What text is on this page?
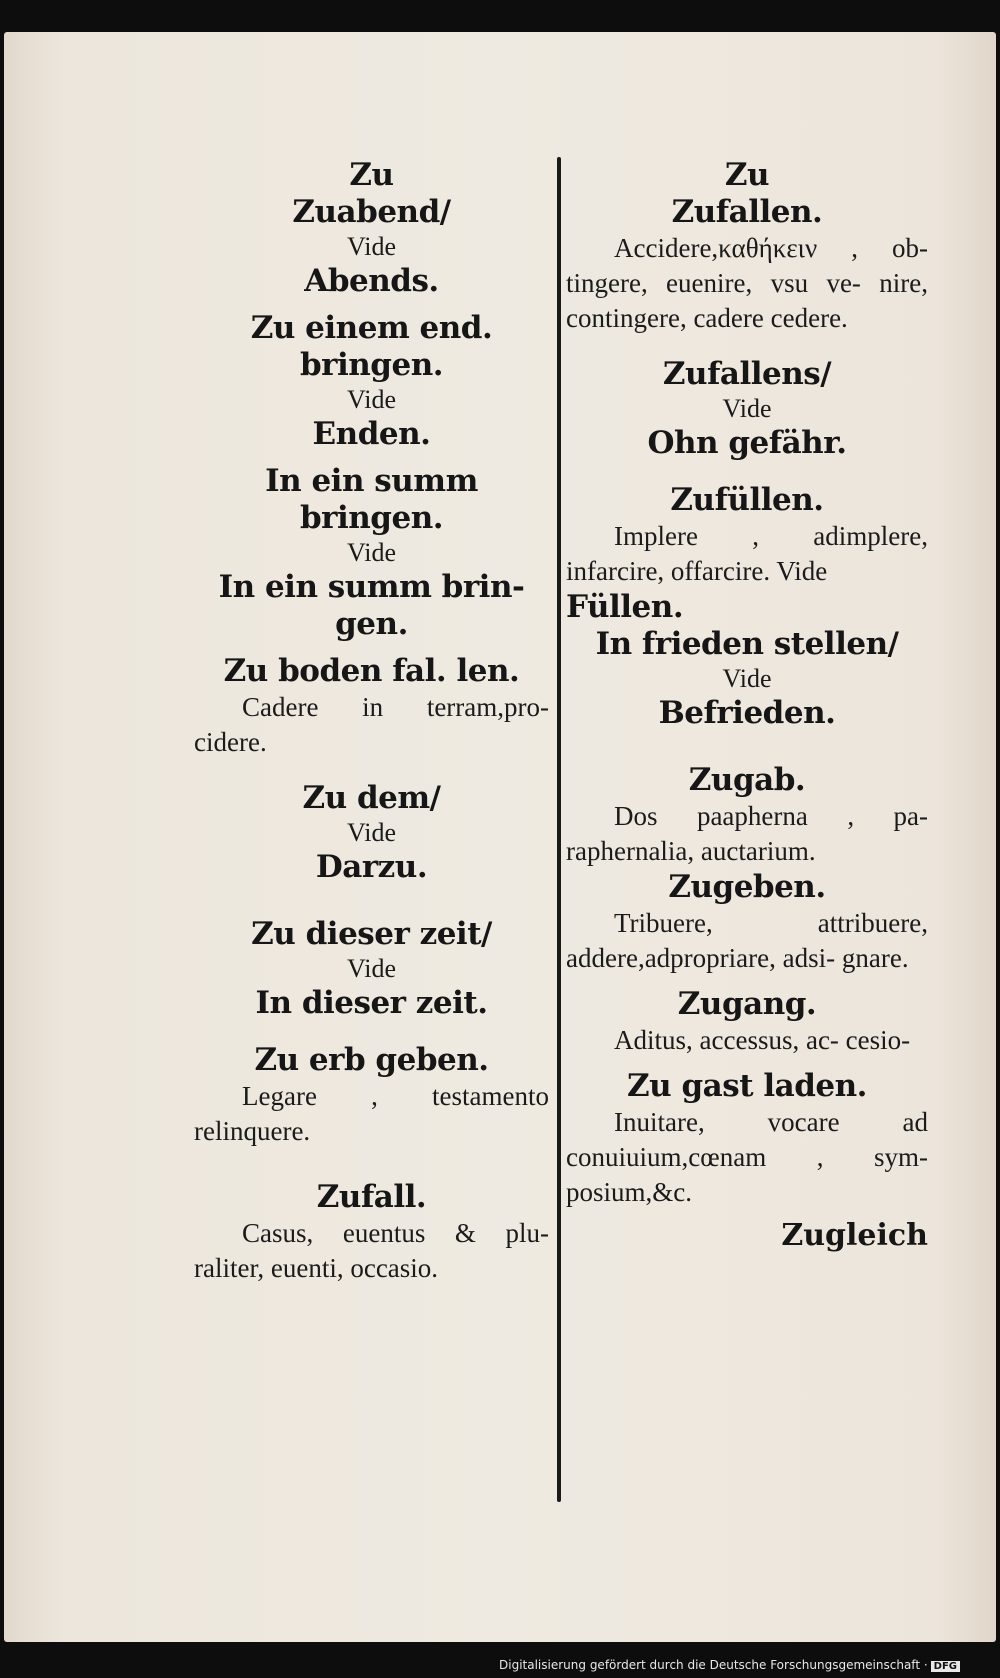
Zu
Zuabend/
Vide
Abends.
Zu einem end. bringen.
Vide
Enden.
In ein summ bringen.
Vide
In ein summ brin- gen.
Zu boden fal. len.
Cadere in terram,pro- cidere.
Zu dem/
Vide
Darzu.
Zu dieser zeit/
Vide
In dieser zeit.
Zu erb geben.
Legare , testamento relinquere.
Zufall.
Casus, euentus & plu- raliter, euenti, occasio.
Zu
Zufallen.
Accidere,καθήκειν , ob- tingere, euenire, vsu ve- nire, contingere, cadere cedere.
Zufallens/
Vide
Ohn gefähr.
Zufüllen.
Implere , adimplere, infarcire, offarcire. Vide
Füllen.
In frieden stellen/
Vide
Befrieden.
Zugab.
Dos paapherna , pa- raphernalia, auctarium.
Zugeben.
Tribuere, attribuere, addere,adpropriare, adsi- gnare.
Zugang.
Aditus, accessus, ac- cesio-
Zu gast laden.
Inuitare, vocare ad conuiuium,cœnam , sym- posium,&c.
Zugleich
Digitalisierung gefördert durch die Deutsche Forschungsgemeinschaft · DFG
